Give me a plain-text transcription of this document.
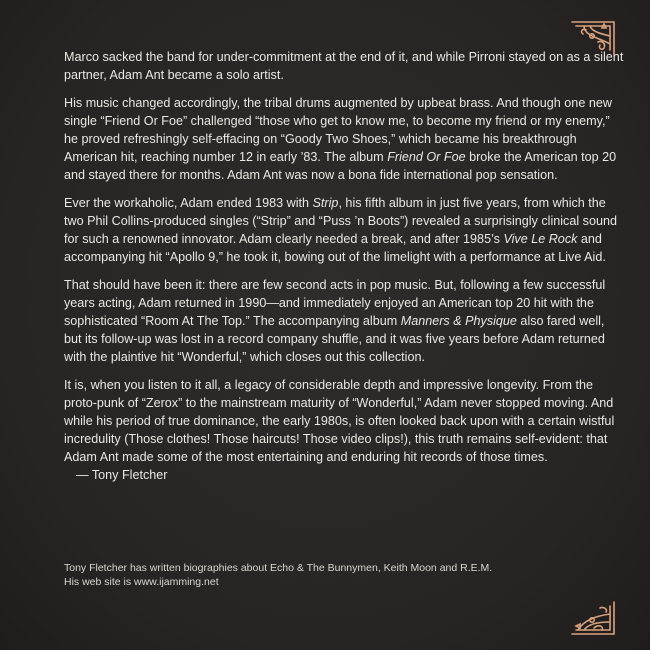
Marco sacked the band for under-commitment at the end of it, and while Pirroni stayed on as a silent partner, Adam Ant became a solo artist.

His music changed accordingly, the tribal drums augmented by upbeat brass. And though one new single “Friend Or Foe” challenged “those who get to know me, to become my friend or my enemy,” he proved refreshingly self-effacing on “Goody Two Shoes,” which became his breakthrough American hit, reaching number 12 in early ’83. The album Friend Or Foe broke the American top 20 and stayed there for months. Adam Ant was now a bona fide international pop sensation.

Ever the workaholic, Adam ended 1983 with Strip, his fifth album in just five years, from which the two Phil Collins-produced singles (“Strip” and “Puss ’n Boots”) revealed a surprisingly clinical sound for such a renowned innovator. Adam clearly needed a break, and after 1985’s Vive Le Rock and accompanying hit “Apollo 9,” he took it, bowing out of the limelight with a performance at Live Aid.

That should have been it: there are few second acts in pop music. But, following a few successful years acting, Adam returned in 1990—and immediately enjoyed an American top 20 hit with the sophisticated “Room At The Top.” The accompanying album Manners & Physique also fared well, but its follow-up was lost in a record company shuffle, and it was five years before Adam returned with the plaintive hit “Wonderful,” which closes out this collection.

It is, when you listen to it all, a legacy of considerable depth and impressive longevity. From the proto-punk of “Zerox” to the mainstream maturity of “Wonderful,” Adam never stopped moving. And while his period of true dominance, the early 1980s, is often looked back upon with a certain wistful incredulity (Those clothes! Those haircuts! Those video clips!), this truth remains self-evident: that Adam Ant made some of the most entertaining and enduring hit records of those times.— Tony Fletcher

Tony Fletcher has written biographies about Echo & The Bunnymen, Keith Moon and R.E.M.
His web site is www.ijamming.net
